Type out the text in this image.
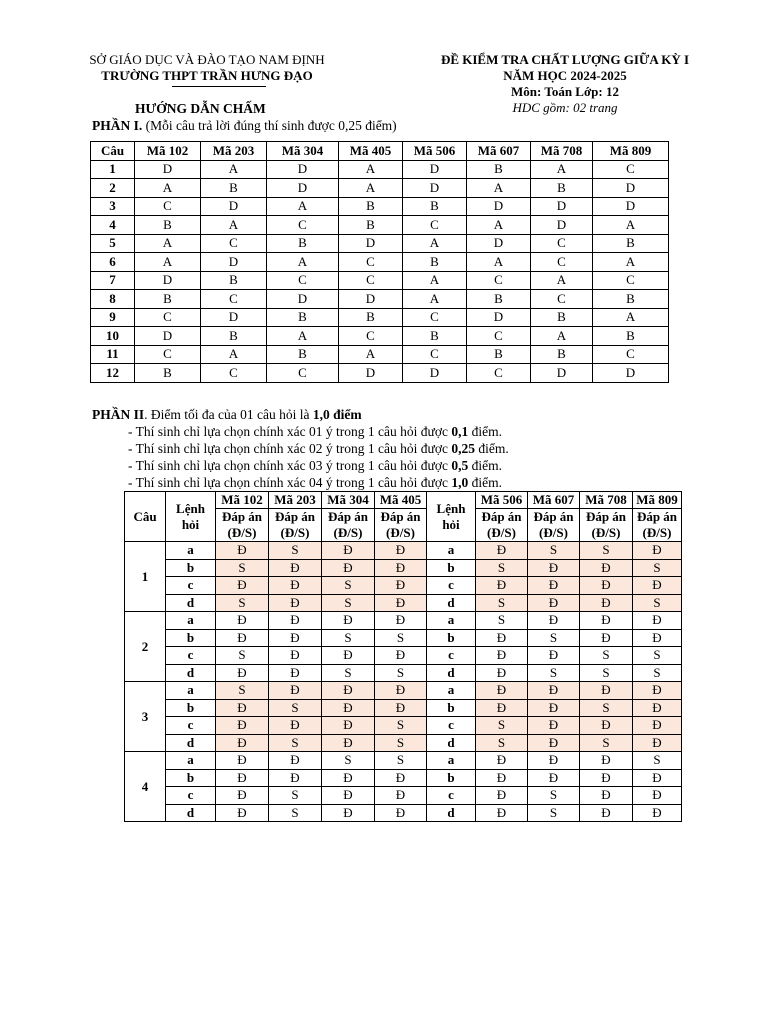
SỞ GIÁO DỤC VÀ ĐÀO TẠO NAM ĐỊNH
TRƯỜNG THPT TRẦN HƯNG ĐẠO
ĐỀ KIỂM TRA CHẤT LƯỢNG GIỮA KỲ I
NĂM HỌC 2024-2025
Môn: Toán Lớp: 12
HDC gồm: 02 trang
HƯỚNG DẪN CHẤM
PHẦN I. (Mỗi câu trả lời đúng thí sinh được 0,25 điểm)
Câu	Mã 102	Mã 203	Mã 304	Mã 405	Mã 506	Mã 607	Mã 708	Mã 809
1	D	A	D	A	D	B	A	C
2	A	B	D	A	D	A	B	D
3	C	D	A	B	B	D	D	D
4	B	A	C	B	C	A	D	A
5	A	C	B	D	A	D	C	B
6	A	D	A	C	B	A	C	A
7	D	B	C	C	A	C	A	C
8	B	C	D	D	A	B	C	B
9	C	D	B	B	C	D	B	A
10	D	B	A	C	B	C	A	B
11	C	A	B	A	C	B	B	C
12	B	C	C	D	D	C	D	D
PHẦN II. Điểm tối đa của 01 câu hỏi là 1,0 điểm
- Thí sinh chỉ lựa chọn chính xác 01 ý trong 1 câu hỏi được 0,1 điểm.
- Thí sinh chỉ lựa chọn chính xác 02 ý trong 1 câu hỏi được 0,25 điểm.
- Thí sinh chỉ lựa chọn chính xác 03 ý trong 1 câu hỏi được 0,5 điểm.
- Thí sinh chỉ lựa chọn chính xác 04 ý trong 1 câu hỏi được 1,0 điểm.
Câu	Lệnh hỏi	Mã 102	Mã 203	Mã 304	Mã 405	Lệnh hỏi	Mã 506	Mã 607	Mã 708	Mã 809
		Đáp án (Đ/S)	Đáp án (Đ/S)	Đáp án (Đ/S)	Đáp án (Đ/S)		Đáp án (Đ/S)	Đáp án (Đ/S)	Đáp án (Đ/S)	Đáp án (Đ/S)
1	a	Đ	S	Đ	Đ	a	Đ	S	S	Đ
	b	S	Đ	Đ	Đ	b	S	Đ	Đ	S
	c	Đ	Đ	S	Đ	c	Đ	Đ	Đ	Đ
	d	S	Đ	S	Đ	d	S	Đ	Đ	S
2	a	Đ	Đ	Đ	Đ	a	S	Đ	Đ	Đ
	b	Đ	Đ	S	S	b	Đ	S	Đ	Đ
	c	S	Đ	Đ	Đ	c	Đ	Đ	S	S
	d	Đ	Đ	S	S	d	Đ	S	S	S
3	a	S	Đ	Đ	Đ	a	Đ	Đ	Đ	Đ
	b	Đ	S	Đ	Đ	b	Đ	Đ	S	Đ
	c	Đ	Đ	Đ	S	c	S	Đ	Đ	Đ
	d	Đ	S	Đ	S	d	S	Đ	S	Đ
4	a	Đ	Đ	S	S	a	Đ	Đ	Đ	S
	b	Đ	Đ	Đ	Đ	b	Đ	Đ	Đ	Đ
	c	Đ	S	Đ	Đ	c	Đ	S	Đ	Đ
	d	Đ	S	Đ	Đ	d	Đ	S	Đ	Đ
